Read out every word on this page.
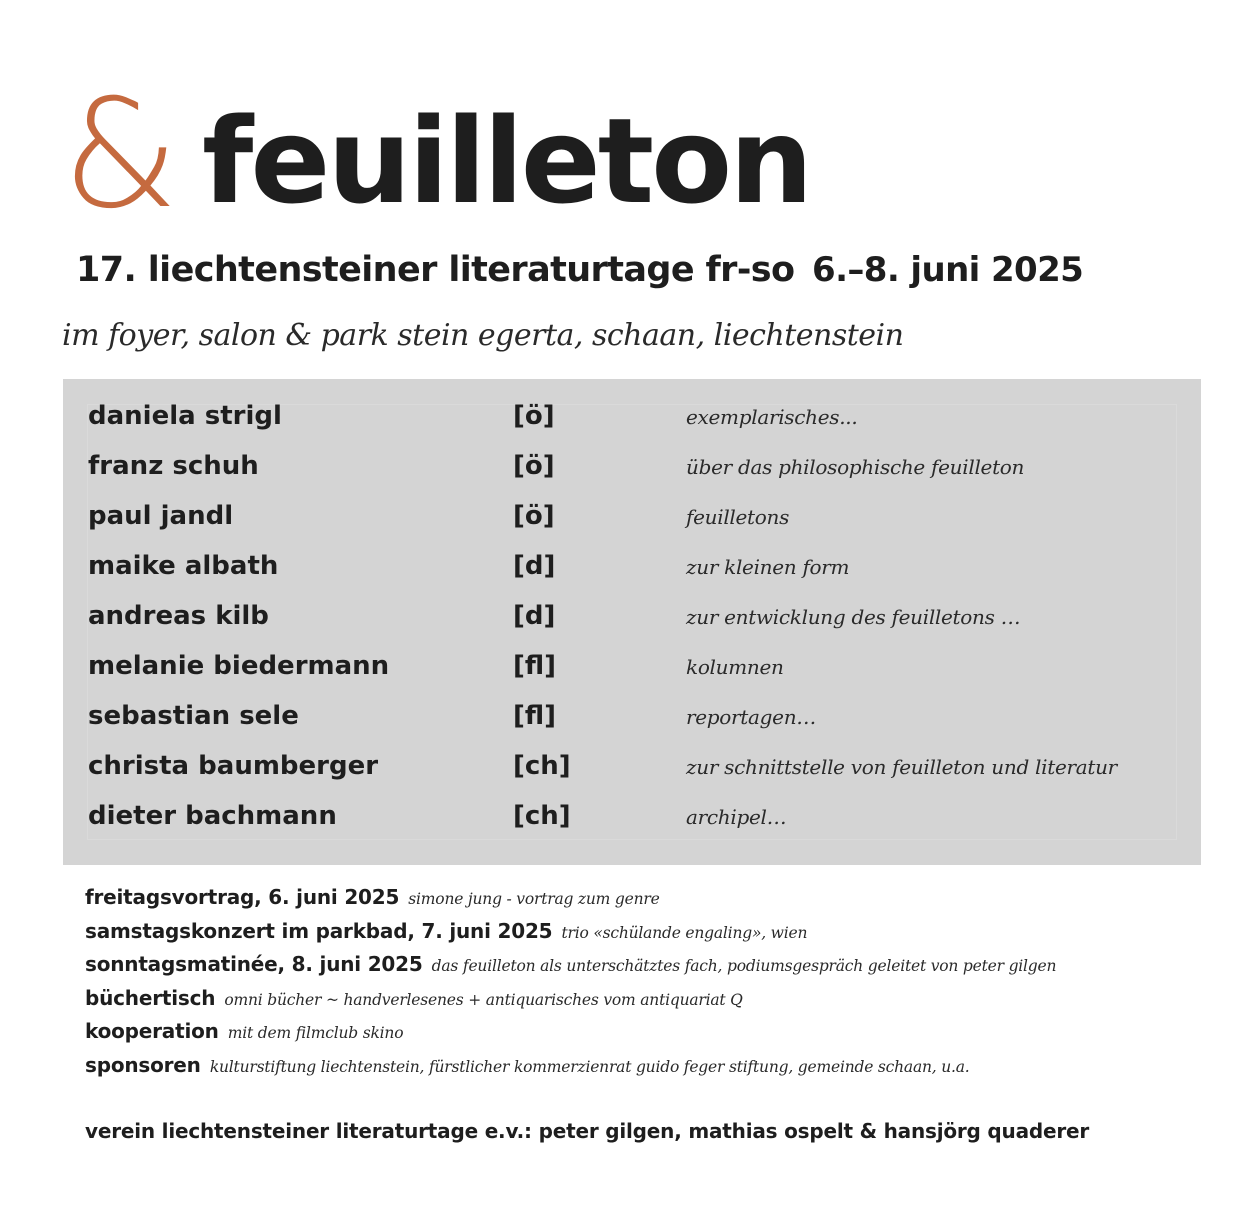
& feuilleton
17. liechtensteiner literaturtage fr-so 6.–8. juni 2025
im foyer, salon & park stein egerta, schaan, liechtenstein
daniela strigl	[ö]	exemplarisches...
franz schuh	[ö]	über das philosophische feuilleton
paul jandl	[ö]	feuilletons
maike albath	[d]	zur kleinen form
andreas kilb	[d]	zur entwicklung des feuilletons …
melanie biedermann	[fl]	kolumnen
sebastian sele	[fl]	reportagen…
christa baumberger	[ch]	zur schnittstelle von feuilleton und literatur
dieter bachmann	[ch]	archipel…
freitagsvortrag, 6. juni 2025 simone jung - vortrag zum genre
samstagskonzert im parkbad, 7. juni 2025 trio «schülande engaling», wien
sonntagsmatinée, 8. juni 2025 das feuilleton als unterschätztes fach, podiumsgespräch geleitet von peter gilgen
büchertisch omni bücher ~ handverlesenes + antiquarisches vom antiquariat Q
kooperation mit dem filmclub skino
sponsoren kulturstiftung liechtenstein, fürstlicher kommerzienrat guido feger stiftung, gemeinde schaan, u.a.
verein liechtensteiner literaturtage e.v.: peter gilgen, mathias ospelt & hansjörg quaderer
